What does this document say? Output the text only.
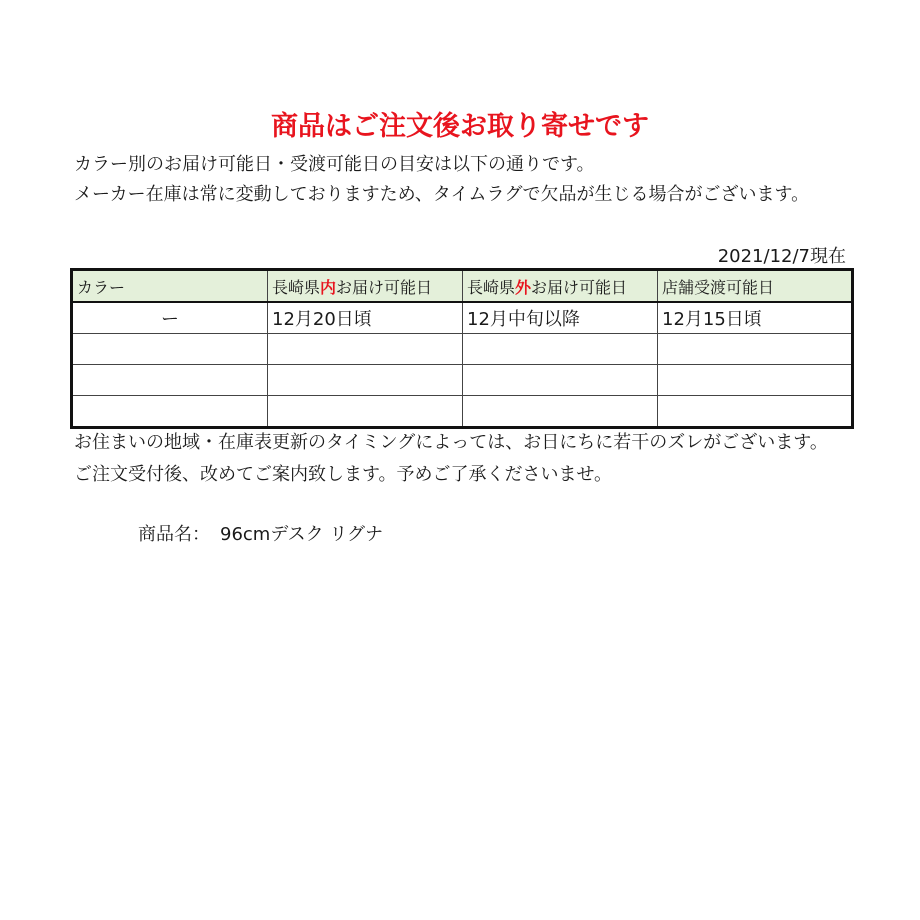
商品はご注文後お取り寄せです
カラー別のお届け可能日・受渡可能日の目安は以下の通りです。
メーカー在庫は常に変動しておりますため、タイムラグで欠品が生じる場合がございます。
2021/12/7現在
カラー	長崎県内お届け可能日	長崎県外お届け可能日	店舗受渡可能日
ー	12月20日頃	12月中旬以降	12月15日頃

お住まいの地域・在庫表更新のタイミングによっては、お日にちに若干のズレがございます。
ご注文受付後、改めてご案内致します。予めご了承くださいませ。
商品名： 96cmデスク リグナ
